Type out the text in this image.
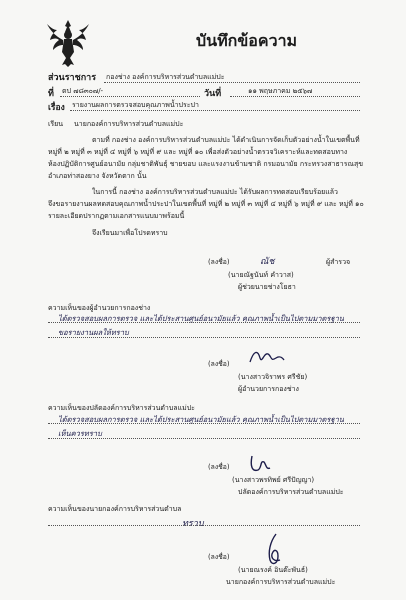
บันทึกข้อความ
ส่วนราชการ กองช่าง องค์การบริหารส่วนตำบลแม่ปะ
ที่ ตป ๗๘๓๐๗/-	วันที่	๑๑ พฤษภาคม ๒๕๖๗
เรื่อง รายงานผลการตรวจสอบคุณภาพน้ำประปา
เรียน นายกองค์การบริหารส่วนตำบลแม่ปะ
ตามที่ กองช่าง องค์การบริหารส่วนตำบลแม่ปะ ได้ดำเนินการจัดเก็บตัวอย่างน้ำในเขตพื้นที่
หมู่ที่ ๒ หมู่ที่ ๓ หมู่ที่ ๔ หมู่ที่ ๖ หมู่ที่ ๙ และ หมู่ที่ ๑๐ เพื่อส่งตัวอย่างน้ำตรวจวิเคราะห์และทดสอบทาง
ห้องปฏิบัติการศูนย์อนามัย กลุ่มชาติพันธุ์ ชายขอบ และแรงงานข้ามชาติ กรมอนามัย กระทรวงสาธารณสุข
อำเภอท่าสองยาง จังหวัดตาก นั้น
ในการนี้ กองช่าง องค์การบริหารส่วนตำบลแม่ปะ ได้รับผลการทดสอบเรียบร้อยแล้ว
จึงขอรายงานผลทดสอบคุณภาพน้ำประปาในเขตพื้นที่ หมู่ที่ ๒ หมู่ที่ ๓ หมู่ที่ ๔ หมู่ที่ ๖ หมู่ที่ ๙ และ หมู่ที่ ๑๐
รายละเอียดปรากฏตามเอกสารแนบมาพร้อมนี้
จึงเรียนมาเพื่อโปรดทราบ
(ลงชื่อ)	ณัช	ผู้สำรวจ
(นายณัฐนันท์ คำวาส)
ผู้ช่วยนายช่างโยธา
ความเห็นของผู้อำนวยการกองช่าง
ได้ตรวจสอบผลการตรวจ และได้ประสานศูนย์อนามัยแล้ว คุณภาพน้ำเป็นไปตามมาตรฐาน
ขอรายงานผลให้ทราบ
(ลงชื่อ)
(นางสาวจิราพร ศรีชัย)
ผู้อำนวยการกองช่าง
ความเห็นของปลัดองค์การบริหารส่วนตำบลแม่ปะ
ได้ตรวจสอบผลการตรวจ และได้ประสานศูนย์อนามัยแล้ว คุณภาพน้ำเป็นไปตามมาตรฐาน
เห็นควรทราบ
(ลงชื่อ)
(นางสาวพรทิพย์ ศรีปัญญา)
ปลัดองค์การบริหารส่วนตำบลแม่ปะ
ความเห็นของนายกองค์การบริหารส่วนตำบล
ทราบ
(ลงชื่อ)
(นายณรงค์ อินต๊ะพันธ์)
นายกองค์การบริหารส่วนตำบลแม่ปะ
